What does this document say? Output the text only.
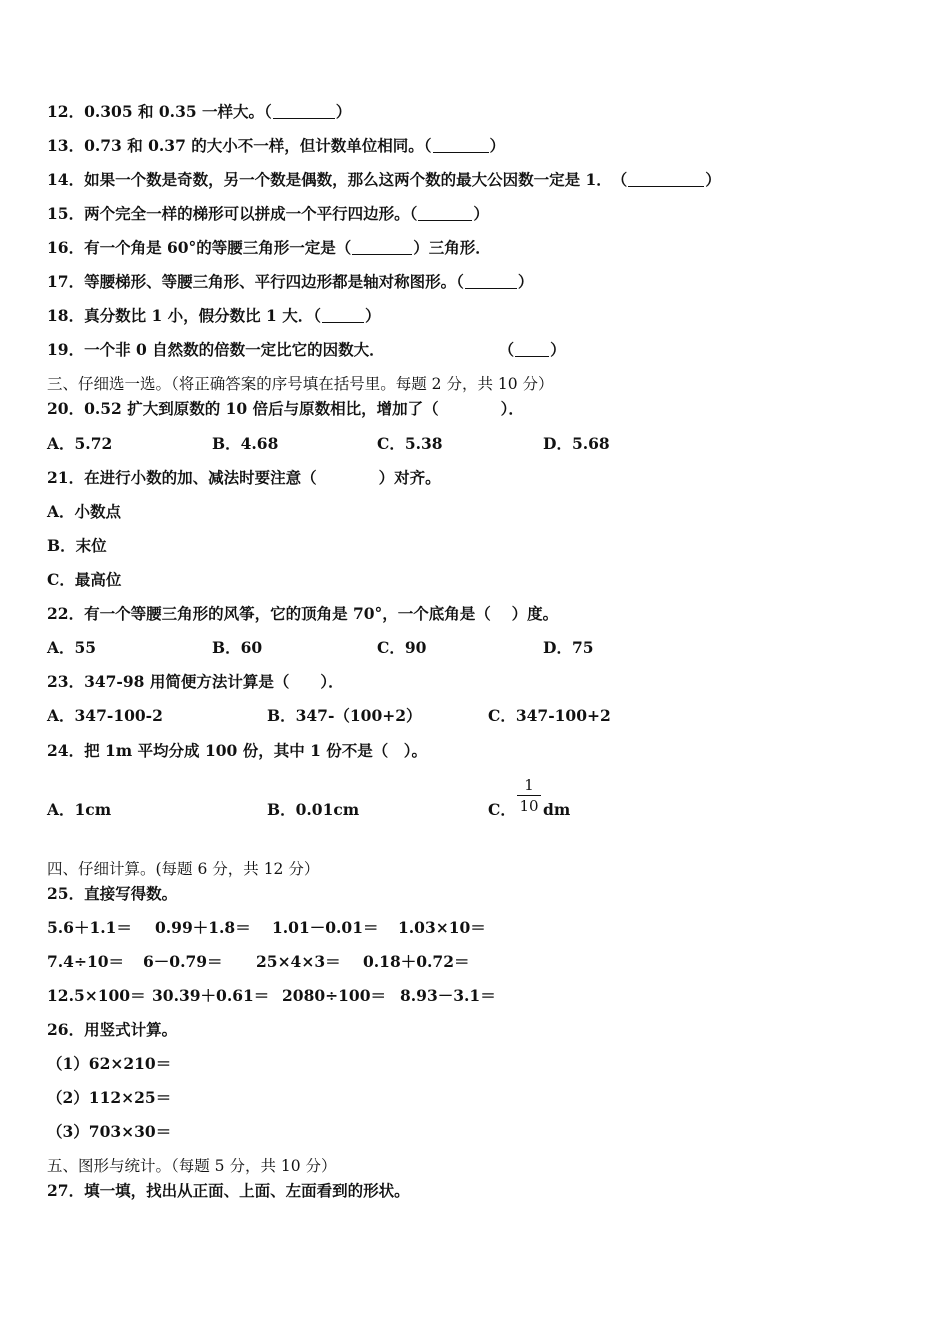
12．0.305 和 0.35 一样大。（	）
13．0.73 和 0.37 的大小不一样，但计数单位相同。（	）
14．如果一个数是奇数，另一个数是偶数，那么这两个数的最大公因数一定是 1．　（	）
15．两个完全一样的梯形可以拼成一个平行四边形。（	）
16．有一个角是 60°的等腰三角形一定是（	）三角形．
17．等腰梯形、等腰三角形、平行四边形都是轴对称图形。（	）
18．真分数比 1 小，假分数比 1 大．（	）
19．一个非 0 自然数的倍数一定比它的因数大．	（ ）
三、仔细选一选。（将正确答案的序号填在括号里。每题 2 分，共 10 分）
20．0.52 扩大到原数的 10 倍后与原数相比，增加了（　　　　）．
A．5.72	B．4.68	C．5.38	D．5.68
21．在进行小数的加、减法时要注意（　　　　）对齐。
A．小数点
B．末位
C．最高位
22．有一个等腰三角形的风筝，它的顶角是 70°，一个底角是（　 ）度。
A．55	B．60	C．90	D．75
23．347-98 用简便方法计算是（　　）．
A．347-100-2	B．347-（100+2）	C．347-100+2
24．把 1m 平均分成 100 份，其中 1 份不是（　）。
A．1cm	B．0.01cm	C．
1
10 dm
四、仔细计算。(每题 6 分，共 12 分）
25．直接写得数。
5.6＋1.1＝ 0.99＋1.8＝ 1.01－0.01＝ 1.03×10＝
7.4÷10＝ 6－0.79＝ 25×4×3＝ 0.18＋0.72＝
12.5×100＝ 30.39＋0.61＝ 2080÷100＝ 8.93－3.1＝
26．用竖式计算。
（1）62×210＝
（2）112×25＝
（3）703×30＝
五、图形与统计。（每题 5 分，共 10 分）
27．填一填，找出从正面、上面、左面看到的形状。
